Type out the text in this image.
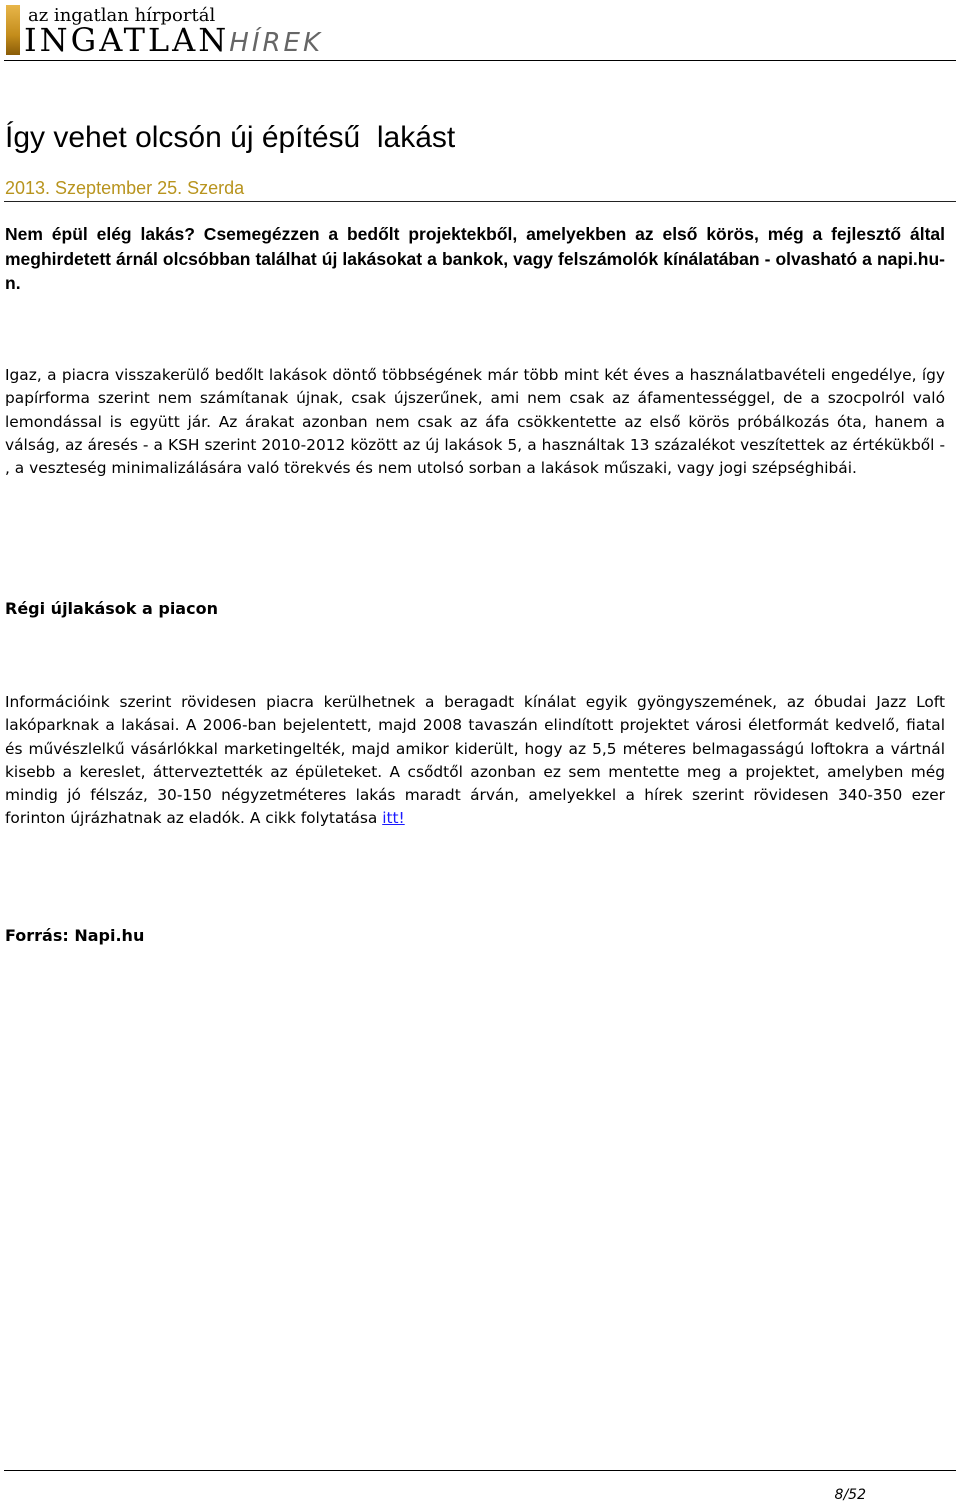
az ingatlan hírportál
INGATLANHÍREK
Így vehet olcsón új építésű  lakást
2013. Szeptember 25. Szerda

Nem épül elég lakás? Csemegézzen a bedőlt projektekből, amelyekben az első körös, még a fejlesztő által meghirdetett árnál olcsóbban találhat új lakásokat a bankok, vagy felszámolók kínálatában - olvasható a napi.hu-n.

Igaz, a piacra visszakerülő bedőlt lakások döntő többségének már több mint két éves a használatbavételi engedélye, így papírforma szerint nem számítanak újnak, csak újszerűnek, ami nem csak az áfamentességgel, de a szocpolról való lemondással is együtt jár. Az árakat azonban nem csak az áfa csökkentette az első körös próbálkozás óta, hanem a válság, az áresés - a KSH szerint 2010-2012 között az új lakások 5, a használtak 13 százalékot veszítettek az értékükből - , a veszteség minimalizálására való törekvés és nem utolsó sorban a lakások műszaki, vagy jogi szépséghibái.

Régi újlakások a piacon

Információink szerint rövidesen piacra kerülhetnek a beragadt kínálat egyik gyöngyszemének, az óbudai Jazz Loft lakóparknak a lakásai. A 2006-ban bejelentett, majd 2008 tavaszán elindított projektet városi életformát kedvelő, fiatal és művészlelkű vásárlókkal marketingelték, majd amikor kiderült, hogy az 5,5 méteres belmagasságú loftokra a vártnál kisebb a kereslet, átterveztették az épületeket. A csődtől azonban ez sem mentette meg a projektet, amelyben még mindig jó félszáz, 30-150 négyzetméteres lakás maradt árván, amelyekkel a hírek szerint rövidesen 340-350 ezer forinton újrázhatnak az eladók. A cikk folytatása itt!

Forrás: Napi.hu

8/52
